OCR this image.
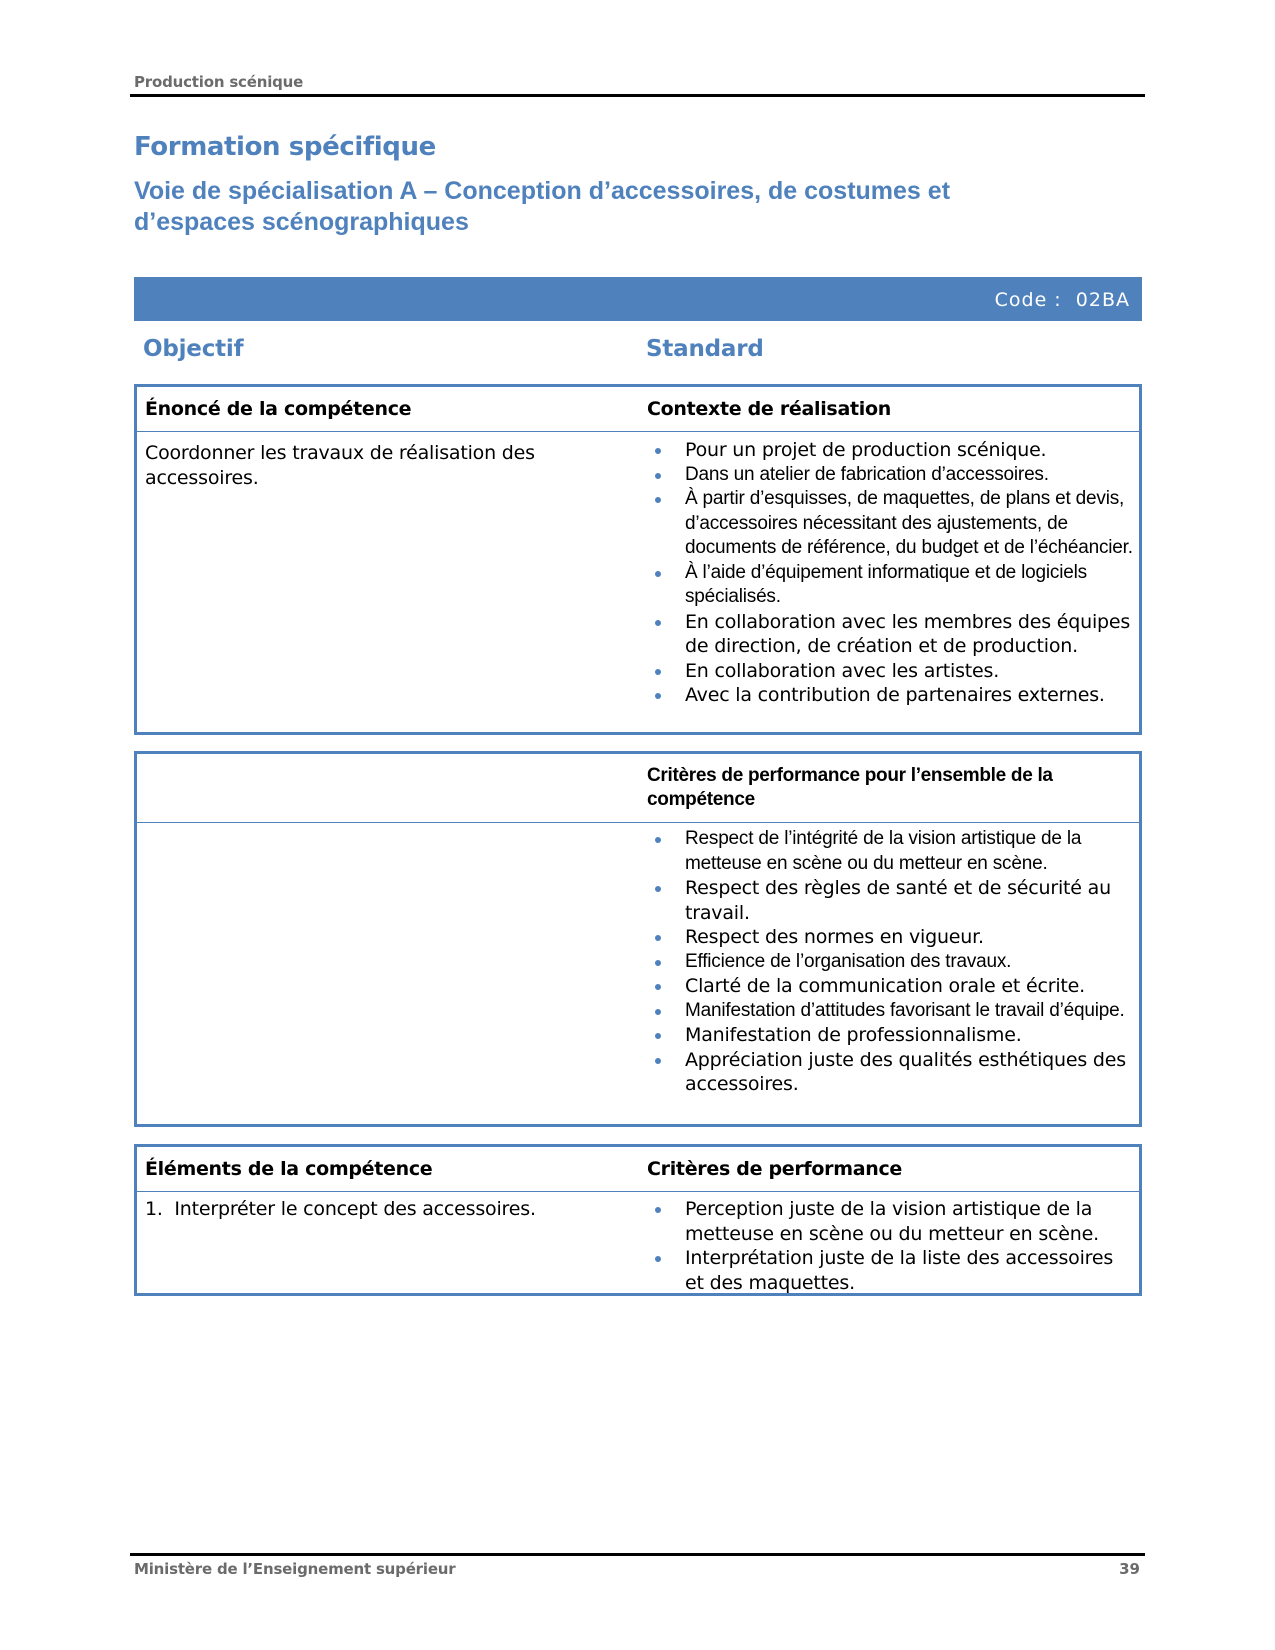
Production scénique
Formation spécifique
Voie de spécialisation A – Conception d’accessoires, de costumes et d’espaces scénographiques
Code :  02BA
Objectif	Standard
Énoncé de la compétence	Contexte de réalisation
Coordonner les travaux de réalisation des accessoires.
Pour un projet de production scénique.
Dans un atelier de fabrication d’accessoires.
À partir d’esquisses, de maquettes, de plans et devis, d’accessoires nécessitant des ajustements, de documents de référence, du budget et de l’échéancier.
À l’aide d’équipement informatique et de logiciels spécialisés.
En collaboration avec les membres des équipes de direction, de création et de production.
En collaboration avec les artistes.
Avec la contribution de partenaires externes.
Critères de performance pour l’ensemble de la compétence
Respect de l’intégrité de la vision artistique de la metteuse en scène ou du metteur en scène.
Respect des règles de santé et de sécurité au travail.
Respect des normes en vigueur.
Efficience de l’organisation des travaux.
Clarté de la communication orale et écrite.
Manifestation d’attitudes favorisant le travail d’équipe.
Manifestation de professionnalisme.
Appréciation juste des qualités esthétiques des accessoires.
Éléments de la compétence	Critères de performance
1.  Interpréter le concept des accessoires.	Perception juste de la vision artistique de la metteuse en scène ou du metteur en scène.
Interprétation juste de la liste des accessoires et des maquettes.
Ministère de l’Enseignement supérieur	39
